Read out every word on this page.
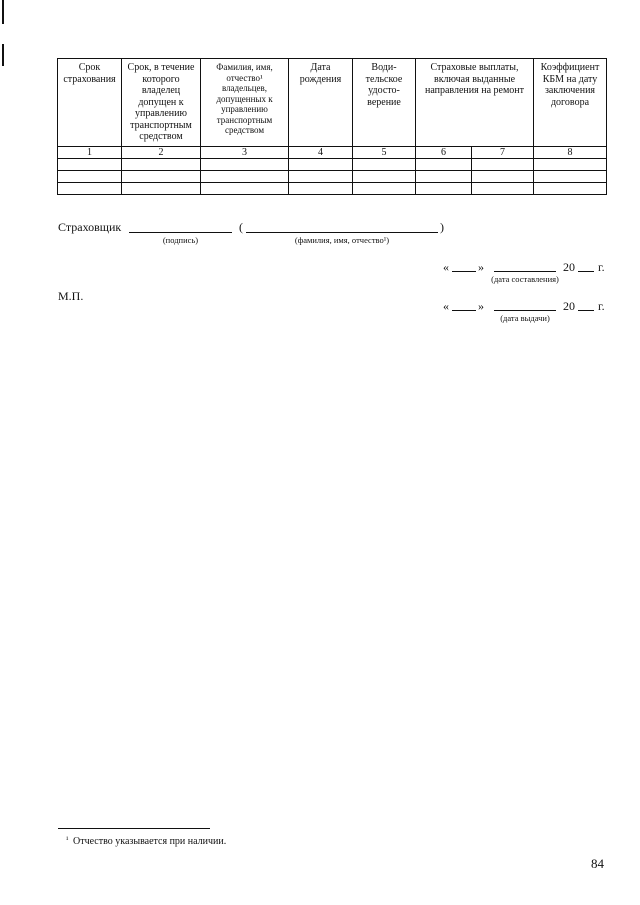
Срок страхования	Срок, в течение которого владелец допущен к управлению транспортным средством	Фамилия, имя, отчество¹ владельцев, допущенных к управлению транспортным средством	Дата рождения	Води-тельское удосто-верение	Страховые выплаты, включая выданные направления на ремонт		Коэффициент КБМ на дату заключения договора
1	2	3	4	5	6	7	8

Страховщик	(	)
(подпись)	(фамилия, имя, отчество¹)
« »	20 г.
(дата составления)
М.П.
« »	20 г.
(дата выдачи)
¹ Отчество указывается при наличии.
84
